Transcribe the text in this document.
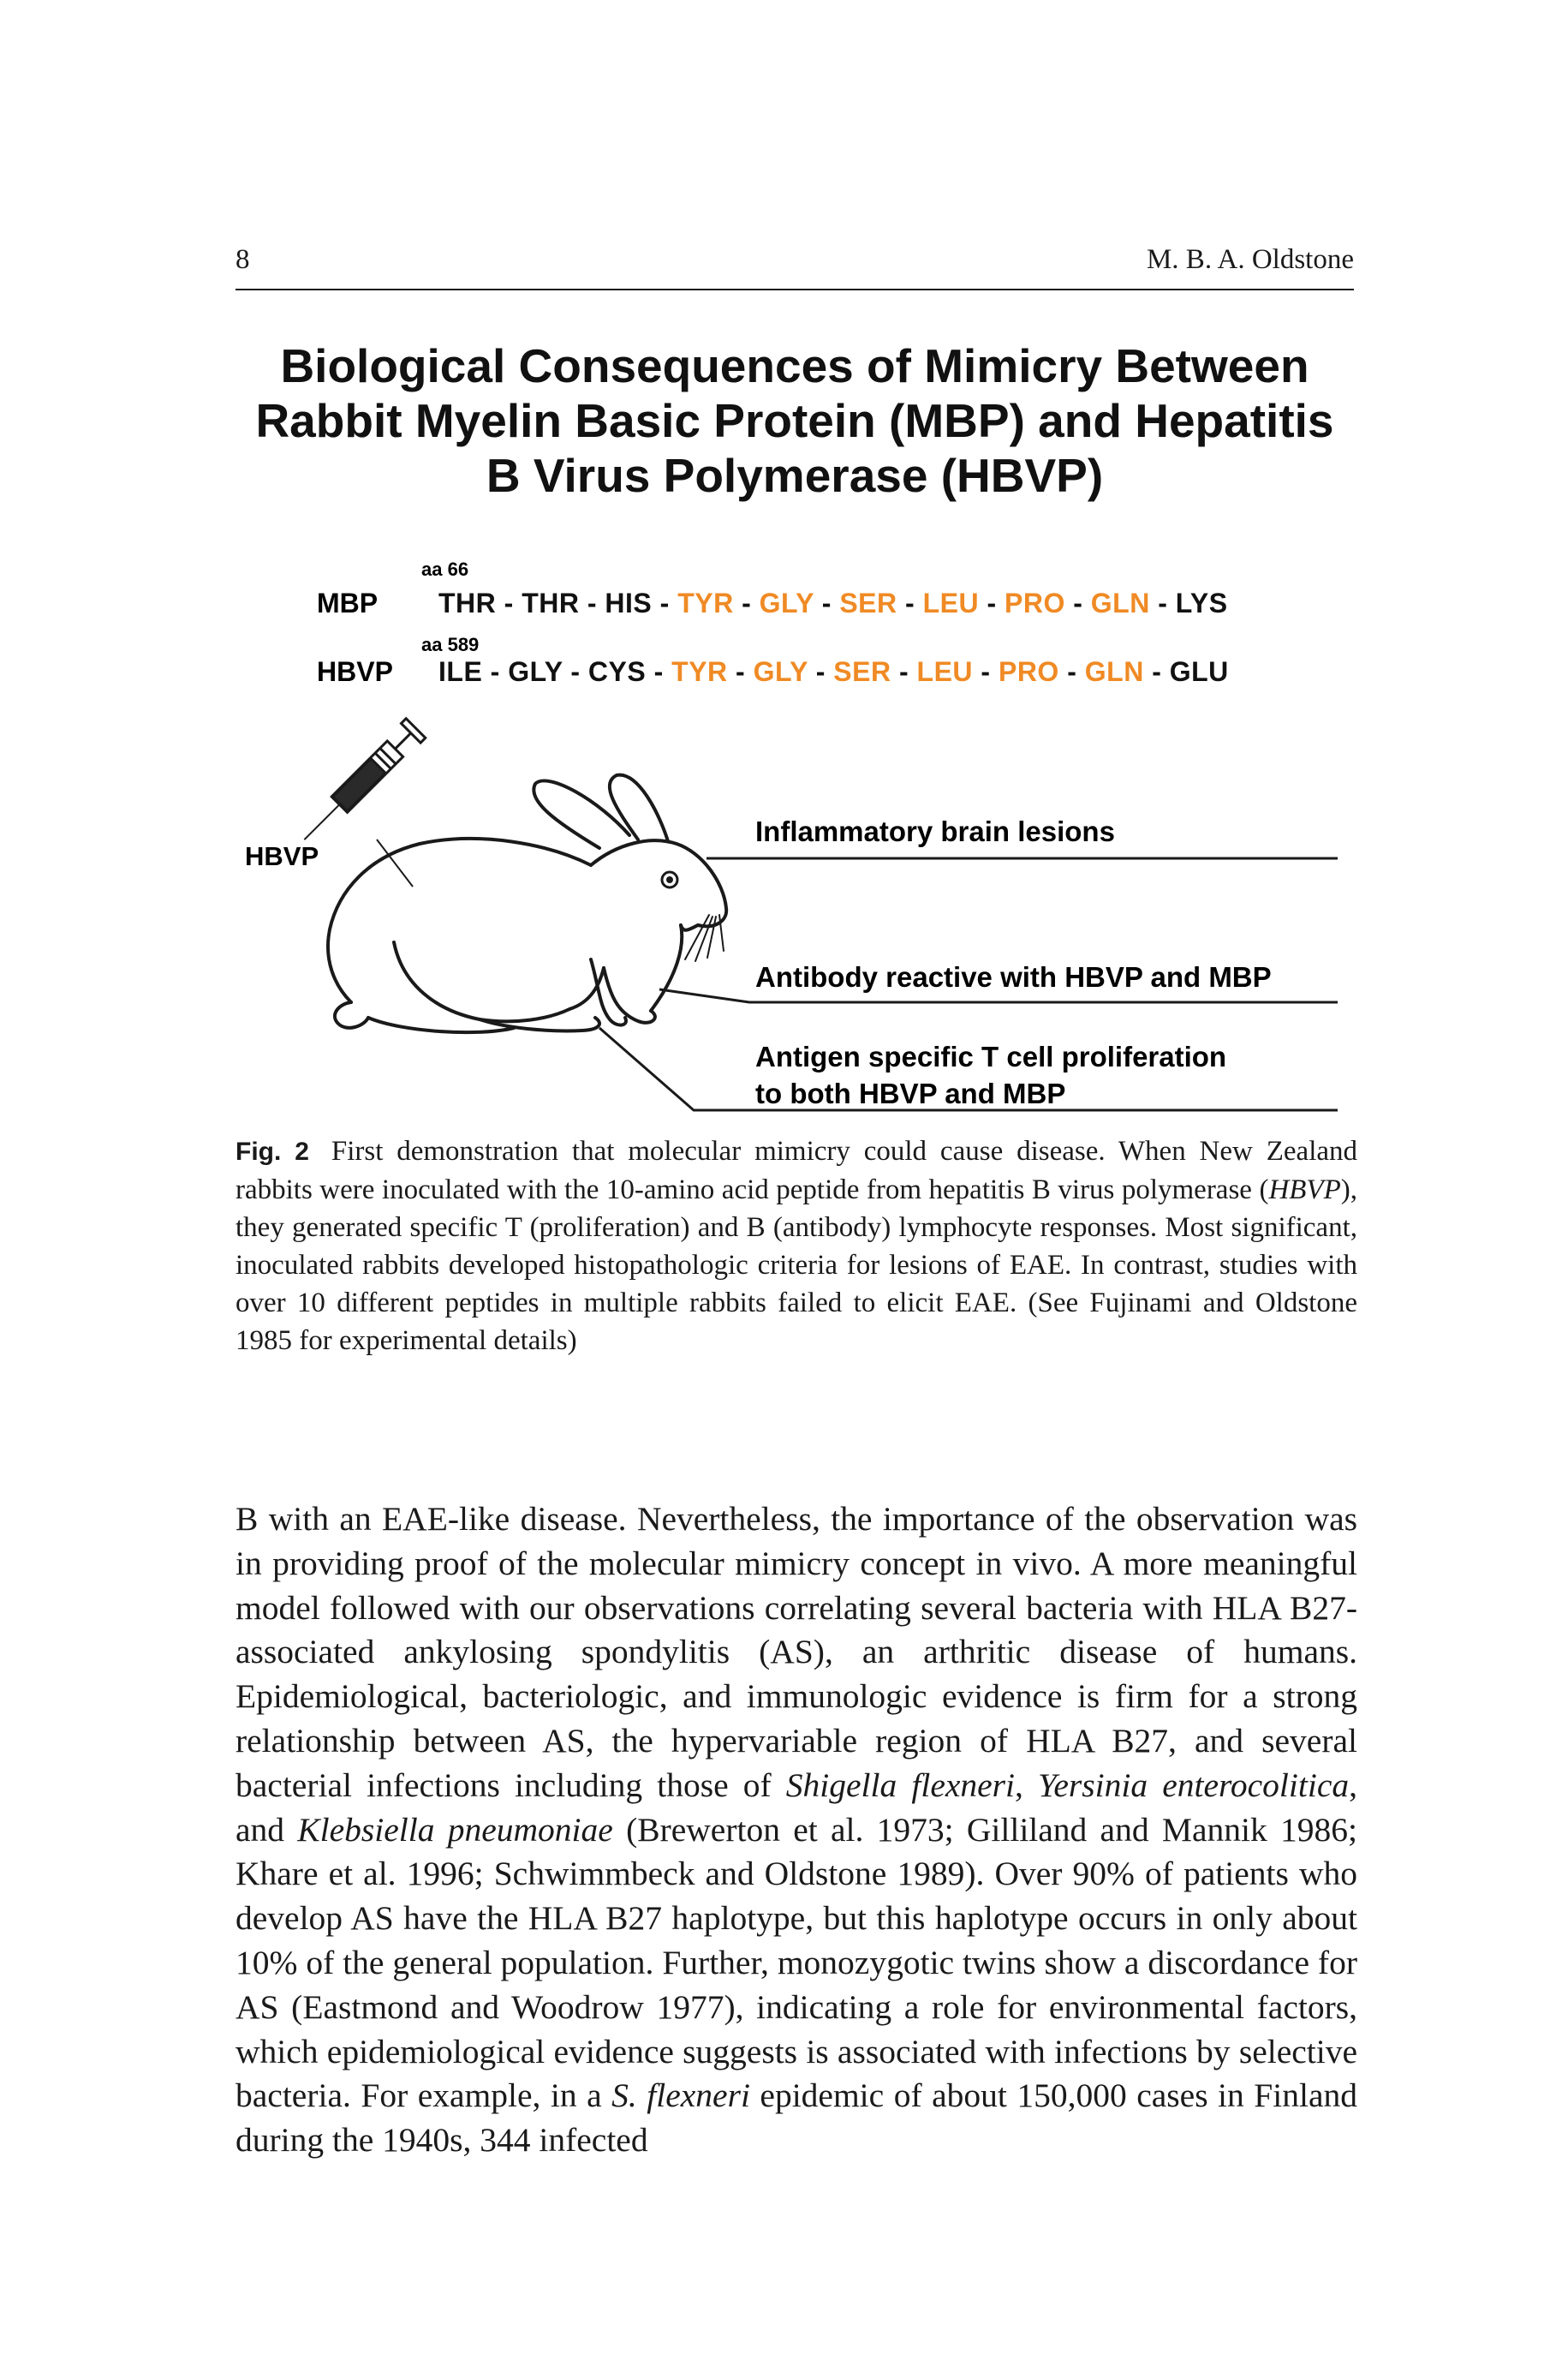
8	M. B. A. Oldstone
Biological Consequences of Mimicry Between
Rabbit Myelin Basic Protein (MBP) and Hepatitis
B Virus Polymerase (HBVP)
aa 66
MBP THR - THR - HIS - TYR - GLY - SER - LEU - PRO - GLN - LYS
aa 589
HBVP ILE - GLY - CYS - TYR - GLY - SER - LEU - PRO - GLN - GLU
HBVP
Inflammatory brain lesions
Antibody reactive with HBVP and MBP
Antigen specific T cell proliferation
to both HBVP and MBP
Fig. 2 First demonstration that molecular mimicry could cause disease. When New Zealand rabbits were inoculated with the 10-amino acid peptide from hepatitis B virus polymerase (HBVP), they generated specific T (proliferation) and B (antibody) lymphocyte responses. Most significant, inoculated rabbits developed histopathologic criteria for lesions of EAE. In contrast, studies with over 10 different peptides in multiple rabbits failed to elicit EAE. (See Fujinami and Oldstone 1985 for experimental details)
B with an EAE-like disease. Nevertheless, the importance of the observation was in providing proof of the molecular mimicry concept in vivo. A more meaningful model followed with our observations correlating several bacteria with HLA B27-associated ankylosing spondylitis (AS), an arthritic disease of humans. Epidemiological, bacteriologic, and immunologic evidence is firm for a strong relationship between AS, the hypervariable region of HLA B27, and several bacterial infections including those of Shigella flexneri, Yersinia enterocolitica, and Klebsiella pneumoniae (Brewerton et al. 1973; Gilliland and Mannik 1986; Khare et al. 1996; Schwimmbeck and Oldstone 1989). Over 90% of patients who develop AS have the HLA B27 haplotype, but this haplotype occurs in only about 10% of the general population. Further, monozygotic twins show a discordance for AS (Eastmond and Woodrow 1977), indicating a role for environmental factors, which epidemiological evidence suggests is associated with infections by selective bacteria. For example, in a S. flexneri epidemic of about 150,000 cases in Finland during the 1940s, 344 infected
